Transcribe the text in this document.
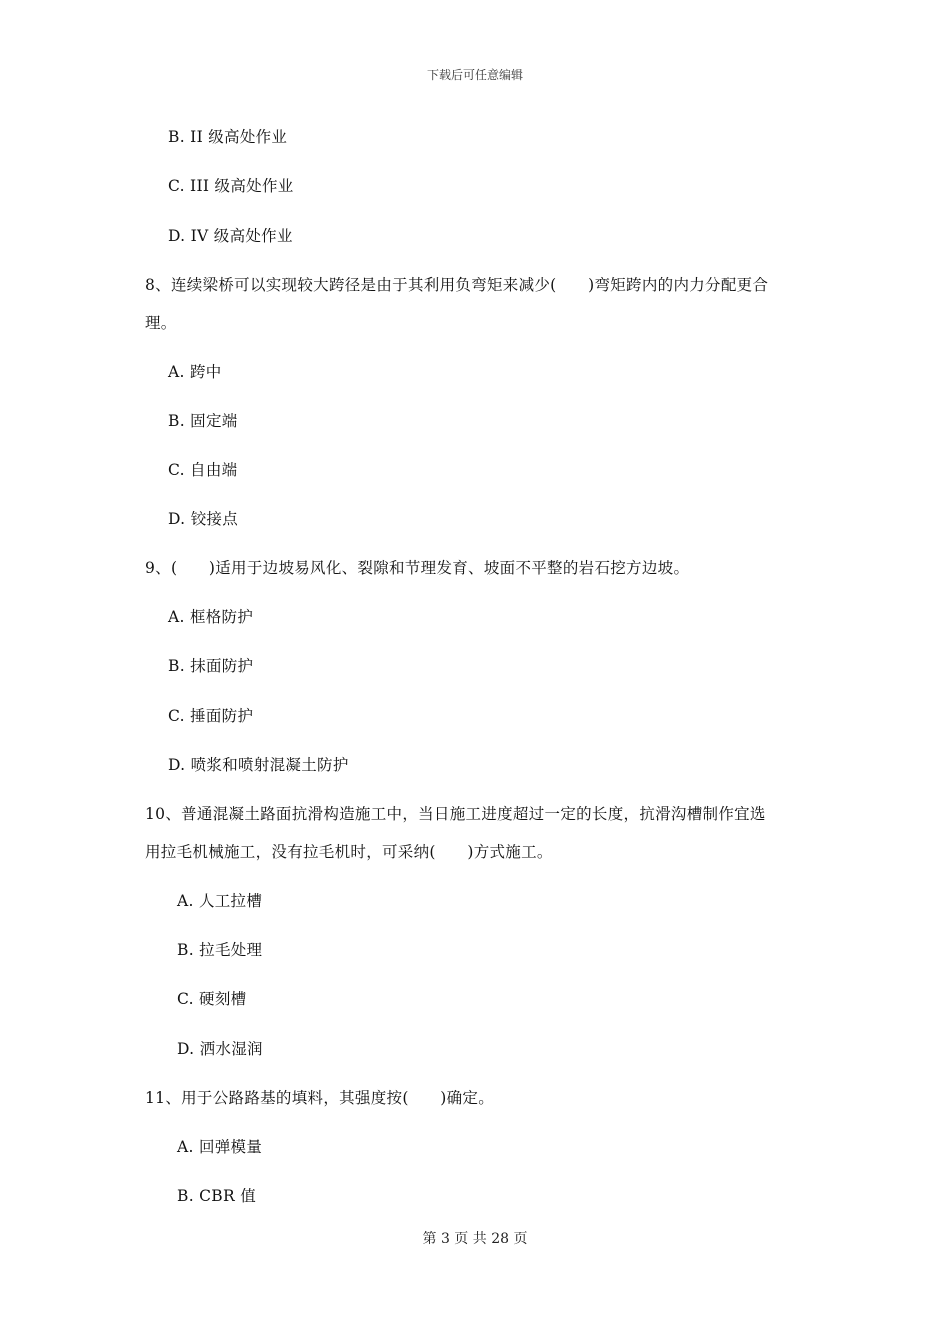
下载后可任意编辑
B. II 级高处作业
C. III 级高处作业
D. IV 级高处作业
8、连续梁桥可以实现较大跨径是由于其利用负弯矩来减少(　　)弯矩跨内的内力分配更合
理。
A. 跨中
B. 固定端
C. 自由端
D. 铰接点
9、(　　)适用于边坡易风化、裂隙和节理发育、坡面不平整的岩石挖方边坡。
A. 框格防护
B. 抹面防护
C. 捶面防护
D. 喷浆和喷射混凝土防护
10、普通混凝土路面抗滑构造施工中，当日施工进度超过一定的长度，抗滑沟槽制作宜选
用拉毛机械施工，没有拉毛机时，可采纳(　　)方式施工。
A. 人工拉槽
B. 拉毛处理
C. 硬刻槽
D. 洒水湿润
11、用于公路路基的填料，其强度按(　　)确定。
A. 回弹模量
B. CBR 值
第 3 页 共 28 页
